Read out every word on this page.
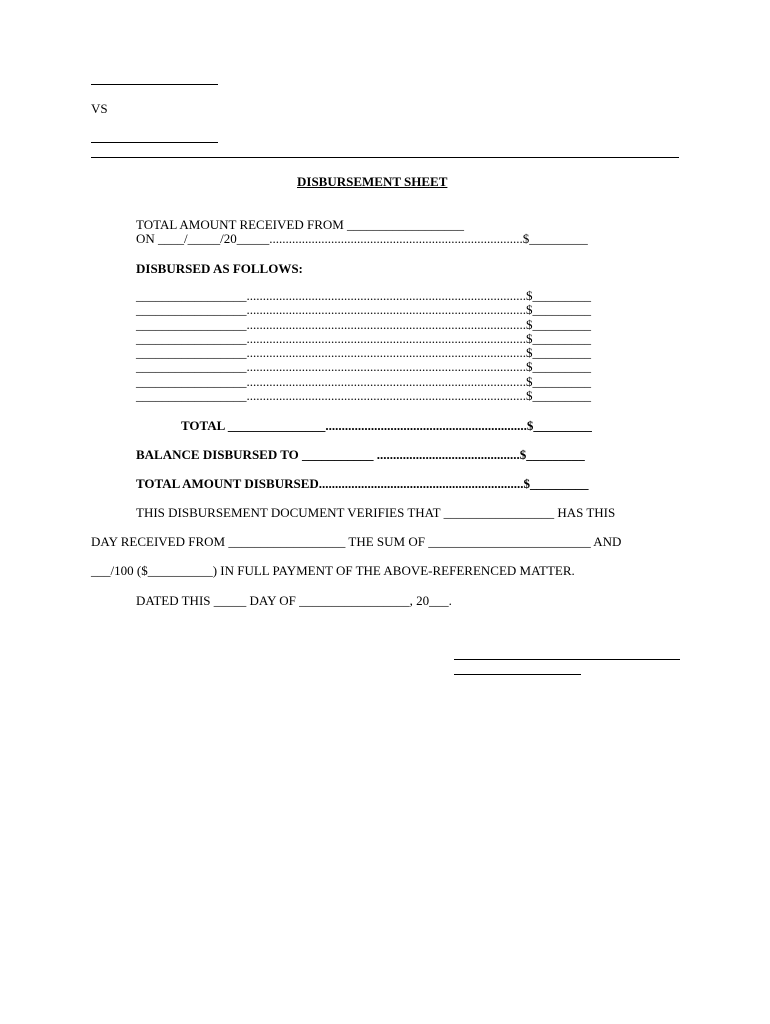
VS
DISBURSEMENT SHEET
TOTAL AMOUNT RECEIVED FROM __________________
ON ____/_____/20_____..............................................................................$_________
DISBURSED AS FOLLOWS:
_________________......................................................................................$_________
_________________......................................................................................$_________
_________________......................................................................................$_________
_________________......................................................................................$_________
_________________......................................................................................$_________
_________________......................................................................................$_________
_________________......................................................................................$_________
_________________......................................................................................$_________
TOTAL _______________..............................................................$_________
BALANCE DISBURSED TO ___________ ............................................$_________
TOTAL AMOUNT DISBURSED...............................................................$_________
THIS DISBURSEMENT DOCUMENT VERIFIES THAT _________________ HAS THIS
DAY RECEIVED FROM __________________ THE SUM OF _________________________ AND
___/100 ($__________) IN FULL PAYMENT OF THE ABOVE-REFERENCED MATTER.
DATED THIS _____ DAY OF _________________, 20___.
